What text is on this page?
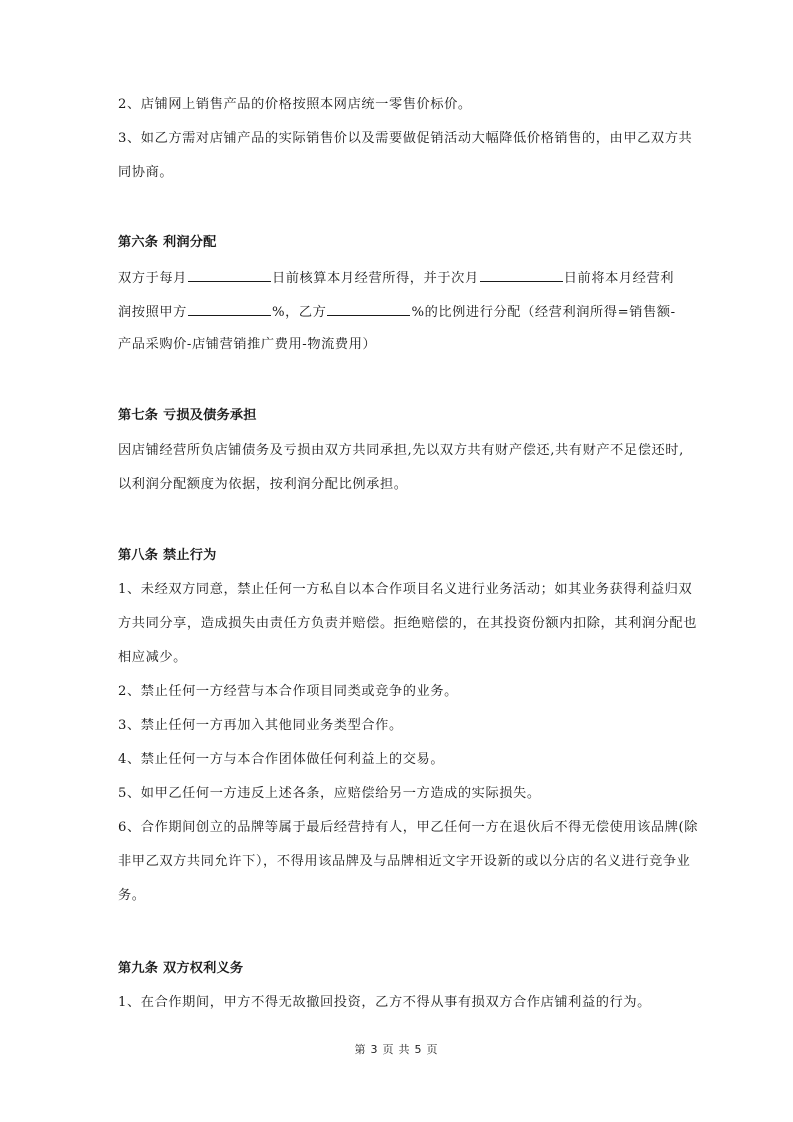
2、店铺网上销售产品的价格按照本网店统一零售价标价。
3、如乙方需对店铺产品的实际销售价以及需要做促销活动大幅降低价格销售的，由甲乙双方共
同协商。
第六条 利润分配
双方于每月	日前核算本月经营所得，并于次月	日前将本月经营利
润按照甲方	%，乙方	%的比例进行分配（经营利润所得=销售额-
产品采购价-店铺营销推广费用-物流费用）
第七条 亏损及债务承担
因店铺经营所负店铺债务及亏损由双方共同承担,先以双方共有财产偿还,共有财产不足偿还时,
以利润分配额度为依据，按利润分配比例承担。
第八条 禁止行为
1、未经双方同意，禁止任何一方私自以本合作项目名义进行业务活动；如其业务获得利益归双
方共同分享，造成损失由责任方负责并赔偿。拒绝赔偿的，在其投资份额内扣除，其利润分配也
相应减少。
2、禁止任何一方经营与本合作项目同类或竞争的业务。
3、禁止任何一方再加入其他同业务类型合作。
4、禁止任何一方与本合作团体做任何利益上的交易。
5、如甲乙任何一方违反上述各条，应赔偿给另一方造成的实际损失。
6、合作期间创立的品牌等属于最后经营持有人，甲乙任何一方在退伙后不得无偿使用该品牌(除
非甲乙双方共同允许下），不得用该品牌及与品牌相近文字开设新的或以分店的名义进行竞争业
务。
第九条 双方权利义务
1、在合作期间，甲方不得无故撤回投资，乙方不得从事有损双方合作店铺利益的行为。
第 3 页 共 5 页
